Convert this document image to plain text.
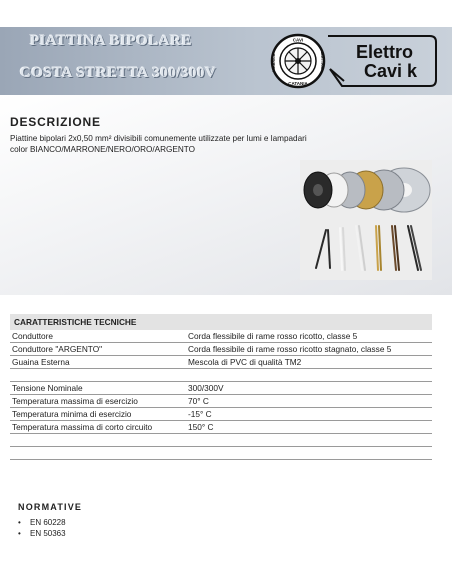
PIATTINA BIPOLARE
COSTA STRETTA 300/300V
CAVI
CATANIA
FABBRICA	ELETTRICI Elettro
Cavi k
DESCRIZIONE
Piattine bipolari 2x0,50 mm² divisibili comunemente utilizzate per lumi e lampadari color BIANCO/MARRONE/NERO/ORO/ARGENTO
CARATTERISTICHE TECNICHE
Conduttore	Corda flessibile di rame rosso ricotto, classe 5
Conduttore "ARGENTO"	Corda flessibile di rame rosso ricotto stagnato, classe 5
Guaina Esterna	Mescola di PVC di qualità TM2
Tensione Nominale	300/300V
Temperatura massima di esercizio	70° C
Temperatura minima di esercizio	-15° C
Temperatura massima di corto circuito	150° C
NORMATIVE
• EN 60228
• EN 50363
